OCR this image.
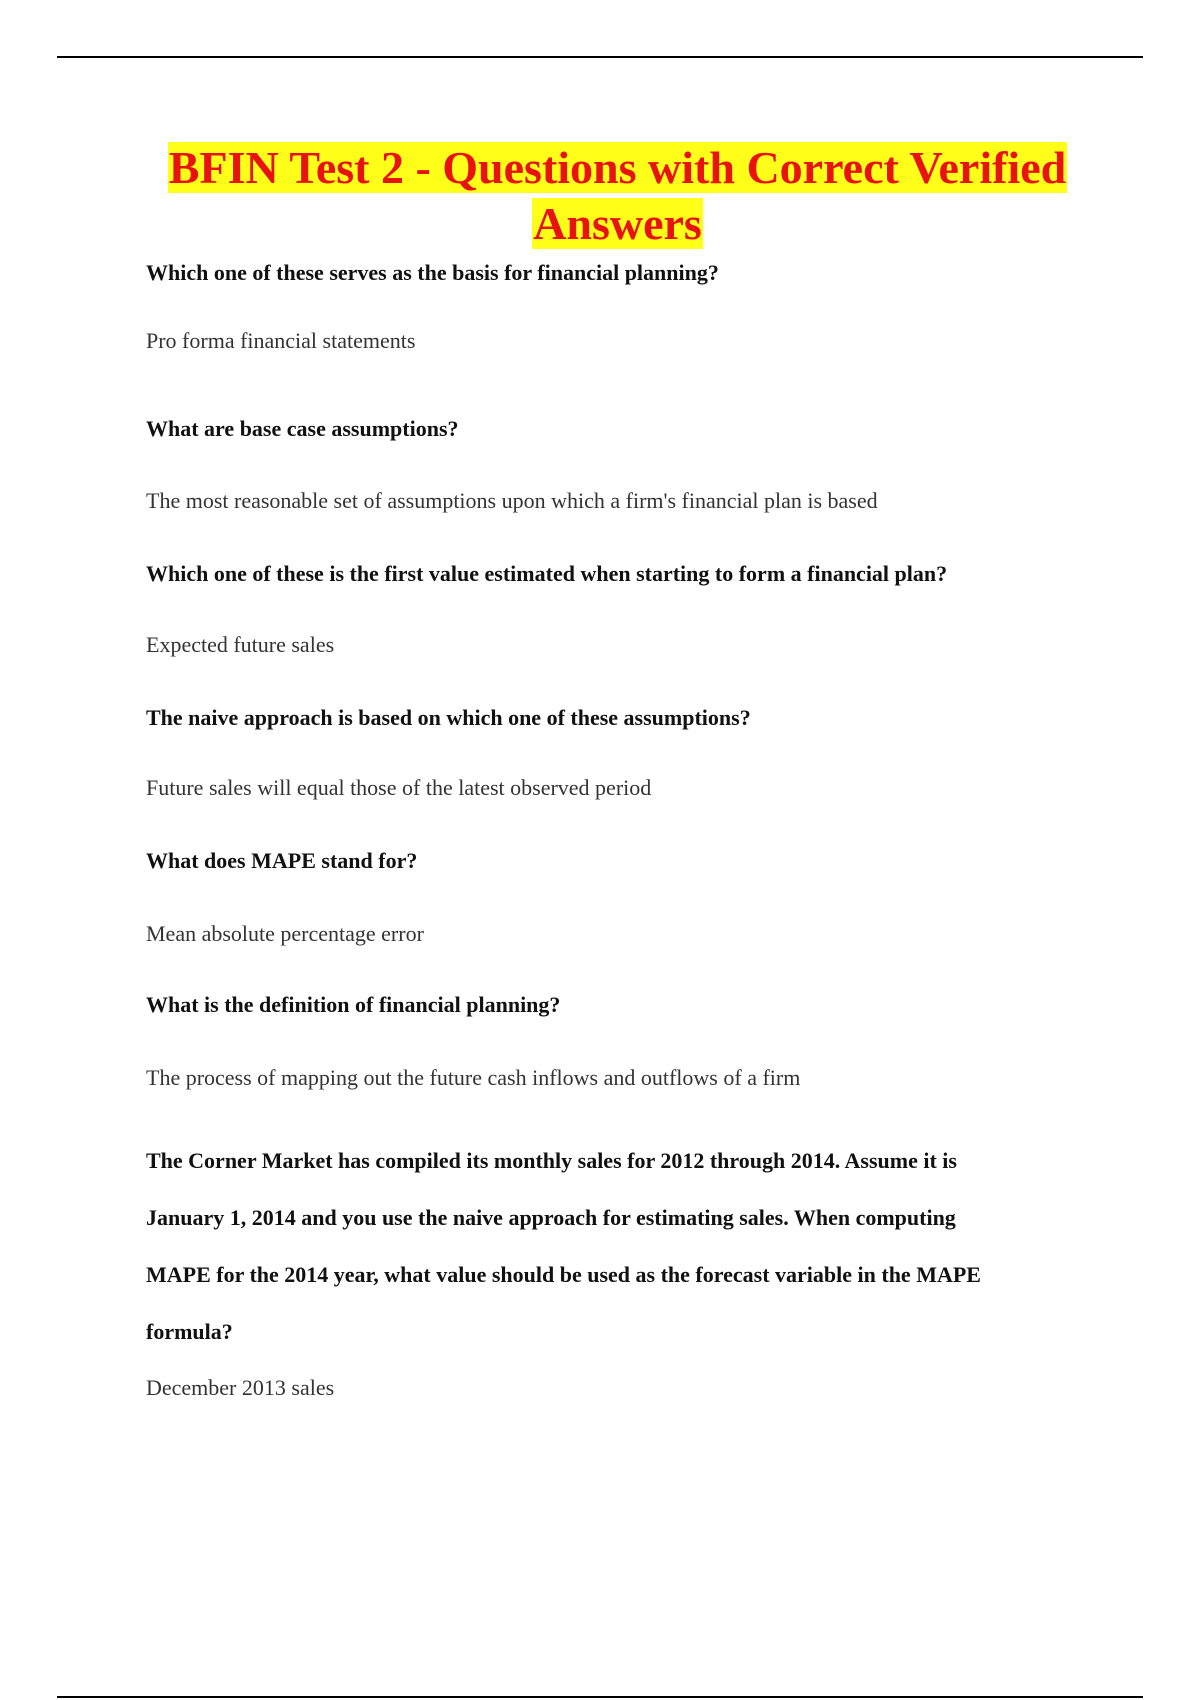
BFIN Test 2 - Questions with Correct Verified
Answers

Which one of these serves as the basis for financial planning?

Pro forma financial statements

What are base case assumptions?

The most reasonable set of assumptions upon which a firm's financial plan is based

Which one of these is the first value estimated when starting to form a financial plan?

Expected future sales

The naive approach is based on which one of these assumptions?

Future sales will equal those of the latest observed period

What does MAPE stand for?

Mean absolute percentage error

What is the definition of financial planning?

The process of mapping out the future cash inflows and outflows of a firm

The Corner Market has compiled its monthly sales for 2012 through 2014. Assume it is
January 1, 2014 and you use the naive approach for estimating sales. When computing
MAPE for the 2014 year, what value should be used as the forecast variable in the MAPE
formula?

December 2013 sales
